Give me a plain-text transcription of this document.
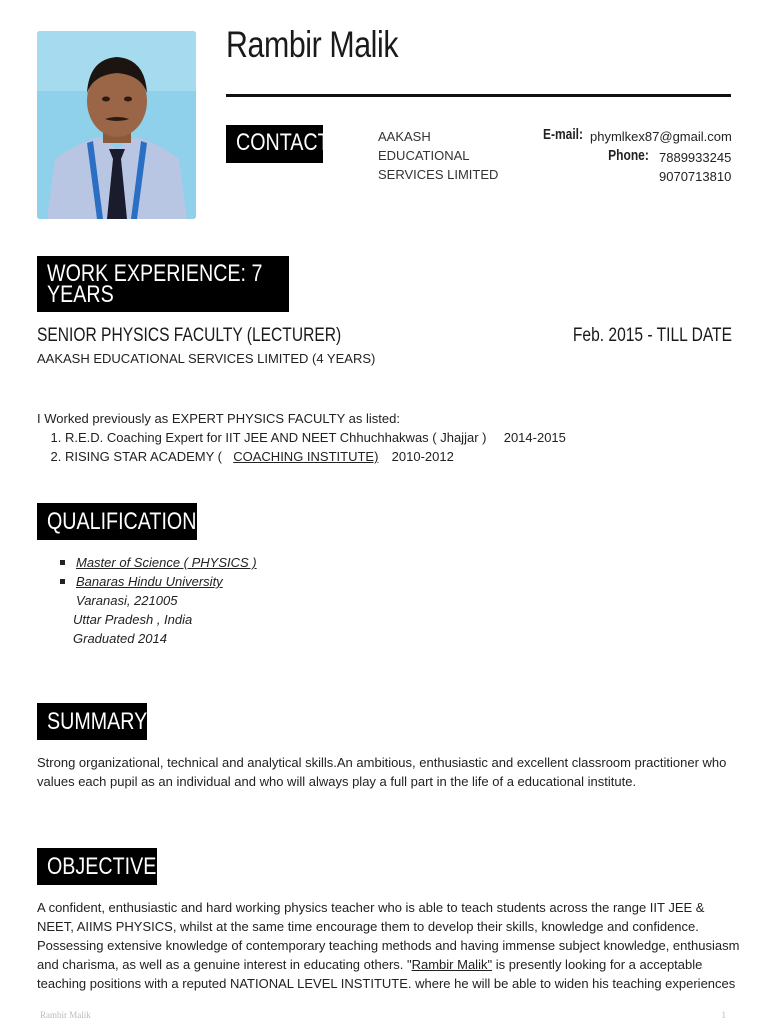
Rambir Malik
CONTACT	AAKASH
EDUCATIONAL
SERVICES LIMITED
E-mail: phymlkex87@gmail.com
Phone: 7889933245
9070713810
WORK EXPERIENCE: 7
YEARS
SENIOR PHYSICS FACULTY (LECTURER)	Feb. 2015 - TILL DATE
AAKASH EDUCATIONAL SERVICES LIMITED (4 YEARS)
I Worked previously as EXPERT PHYSICS FACULTY as listed:
1. R.E.D. Coaching Expert for IIT JEE AND NEET Chhuchhakwas ( Jhajjar ) 2014-2015
2. RISING STAR ACADEMY ( COACHING INSTITUTE) 2010-2012
QUALIFICATIONS
Master of Science ( PHYSICS )
Banaras Hindu University
Varanasi, 221005
Uttar Pradesh , India
Graduated 2014
SUMMARY
Strong organizational, technical and analytical skills.An ambitious, enthusiastic and excellent classroom practitioner who
values each pupil as an individual and who will always play a full part in the life of a educational institute.
OBJECTIVES
A confident, enthusiastic and hard working physics teacher who is able to teach students across the range IIT JEE &
NEET, AIIMS PHYSICS, whilst at the same time encourage them to develop their skills, knowledge and confidence.
Possessing extensive knowledge of contemporary teaching methods and having immense subject knowledge, enthusiasm
and charisma, as well as a genuine interest in educating others. "Rambir Malik" is presently looking for a acceptable
teaching positions with a reputed NATIONAL LEVEL INSTITUTE. where he will be able to widen his teaching experiences
Rambir Malik	1
